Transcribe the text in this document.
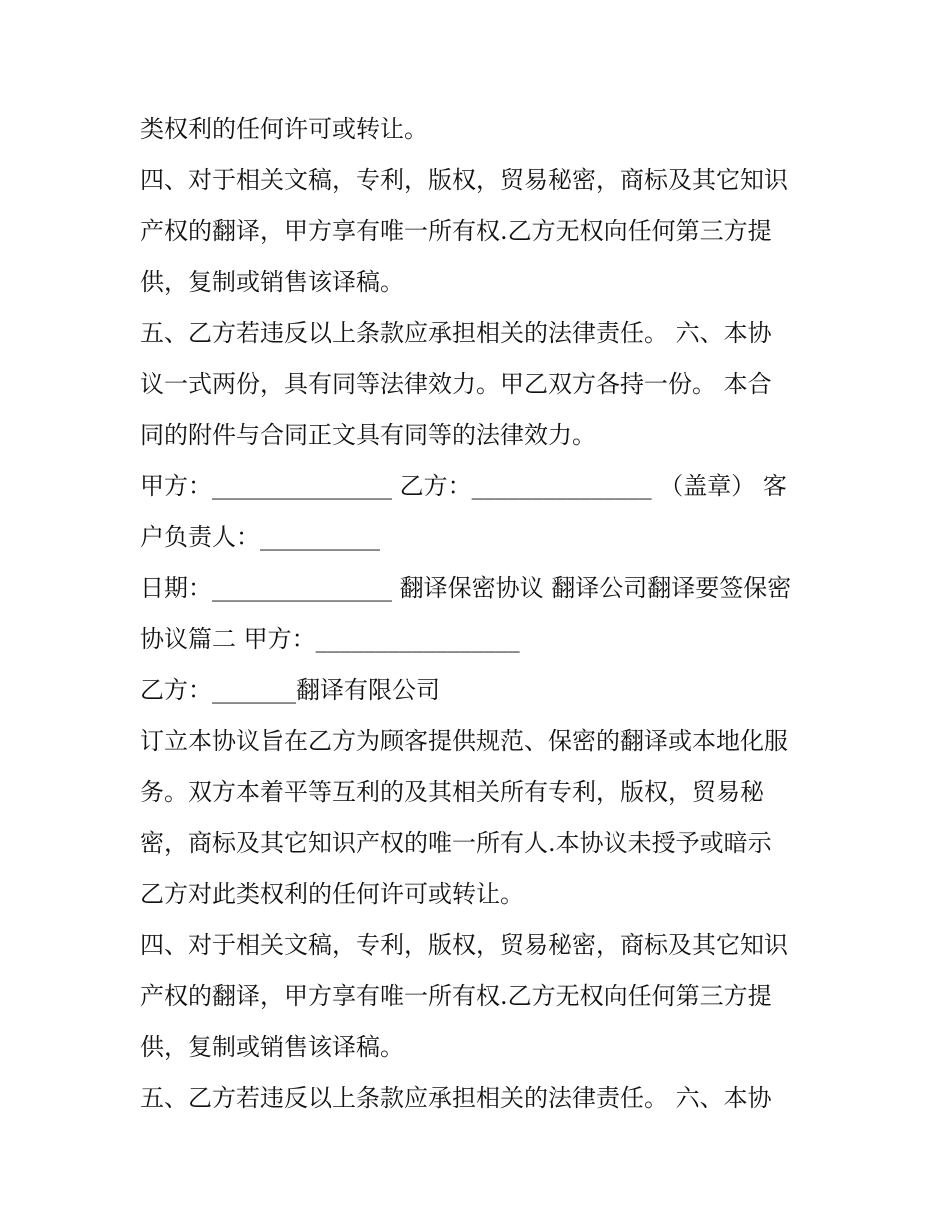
类权利的任何许可或转让。
四、对于相关文稿，专利，版权，贸易秘密，商标及其它知识
产权的翻译，甲方享有唯一所有权.乙方无权向任何第三方提
供，复制或销售该译稿。
五、乙方若违反以上条款应承担相关的法律责任。 六、本协
议一式两份，具有同等法律效力。甲乙双方各持一份。 本合
同的附件与合同正文具有同等的法律效力。
甲方：_______________ 乙方：_______________ （盖章） 客
户负责人：__________
日期：_______________ 翻译保密协议 翻译公司翻译要签保密
协议篇二 甲方：_________________
乙方：_______翻译有限公司
订立本协议旨在乙方为顾客提供规范、保密的翻译或本地化服
务。双方本着平等互利的及其相关所有专利，版权，贸易秘
密，商标及其它知识产权的唯一所有人.本协议未授予或暗示
乙方对此类权利的任何许可或转让。
四、对于相关文稿，专利，版权，贸易秘密，商标及其它知识
产权的翻译，甲方享有唯一所有权.乙方无权向任何第三方提
供，复制或销售该译稿。
五、乙方若违反以上条款应承担相关的法律责任。 六、本协
